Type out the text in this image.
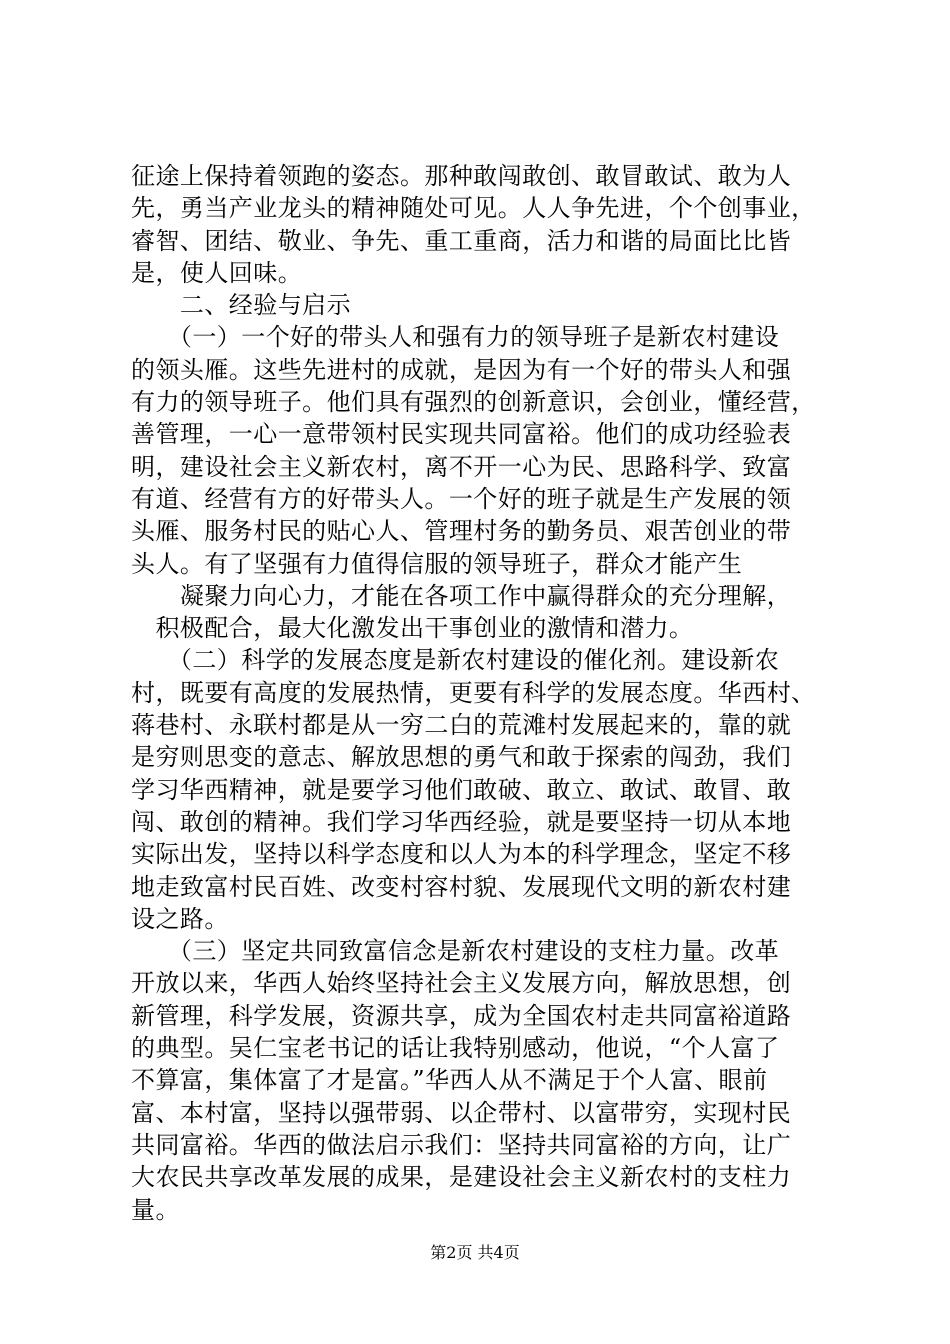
征途上保持着领跑的姿态。那种敢闯敢创、敢冒敢试、敢为人
先，勇当产业龙头的精神随处可见。人人争先进，个个创事业，
睿智、团结、敬业、争先、重工重商，活力和谐的局面比比皆
是，使人回味。
　　二、经验与启示
　　（一）一个好的带头人和强有力的领导班子是新农村建设
的领头雁。这些先进村的成就，是因为有一个好的带头人和强
有力的领导班子。他们具有强烈的创新意识，会创业，懂经营，
善管理，一心一意带领村民实现共同富裕。他们的成功经验表
明，建设社会主义新农村，离不开一心为民、思路科学、致富
有道、经营有方的好带头人。一个好的班子就是生产发展的领
头雁、服务村民的贴心人、管理村务的勤务员、艰苦创业的带
头人。有了坚强有力值得信服的领导班子，群众才能产生
　　凝聚力向心力，才能在各项工作中赢得群众的充分理解，
　积极配合，最大化激发出干事创业的激情和潜力。
　　（二）科学的发展态度是新农村建设的催化剂。建设新农
村，既要有高度的发展热情，更要有科学的发展态度。华西村、
蒋巷村、永联村都是从一穷二白的荒滩村发展起来的，靠的就
是穷则思变的意志、解放思想的勇气和敢于探索的闯劲，我们
学习华西精神，就是要学习他们敢破、敢立、敢试、敢冒、敢
闯、敢创的精神。我们学习华西经验，就是要坚持一切从本地
实际出发，坚持以科学态度和以人为本的科学理念，坚定不移
地走致富村民百姓、改变村容村貌、发展现代文明的新农村建
设之路。
　　（三）坚定共同致富信念是新农村建设的支柱力量。改革
开放以来，华西人始终坚持社会主义发展方向，解放思想，创
新管理，科学发展，资源共享，成为全国农村走共同富裕道路
的典型。吴仁宝老书记的话让我特别感动，他说，“个人富了
不算富，集体富了才是富。”华西人从不满足于个人富、眼前
富、本村富，坚持以强带弱、以企带村、以富带穷，实现村民
共同富裕。华西的做法启示我们：坚持共同富裕的方向，让广
大农民共享改革发展的成果，是建设社会主义新农村的支柱力
量。
第2页 共4页
